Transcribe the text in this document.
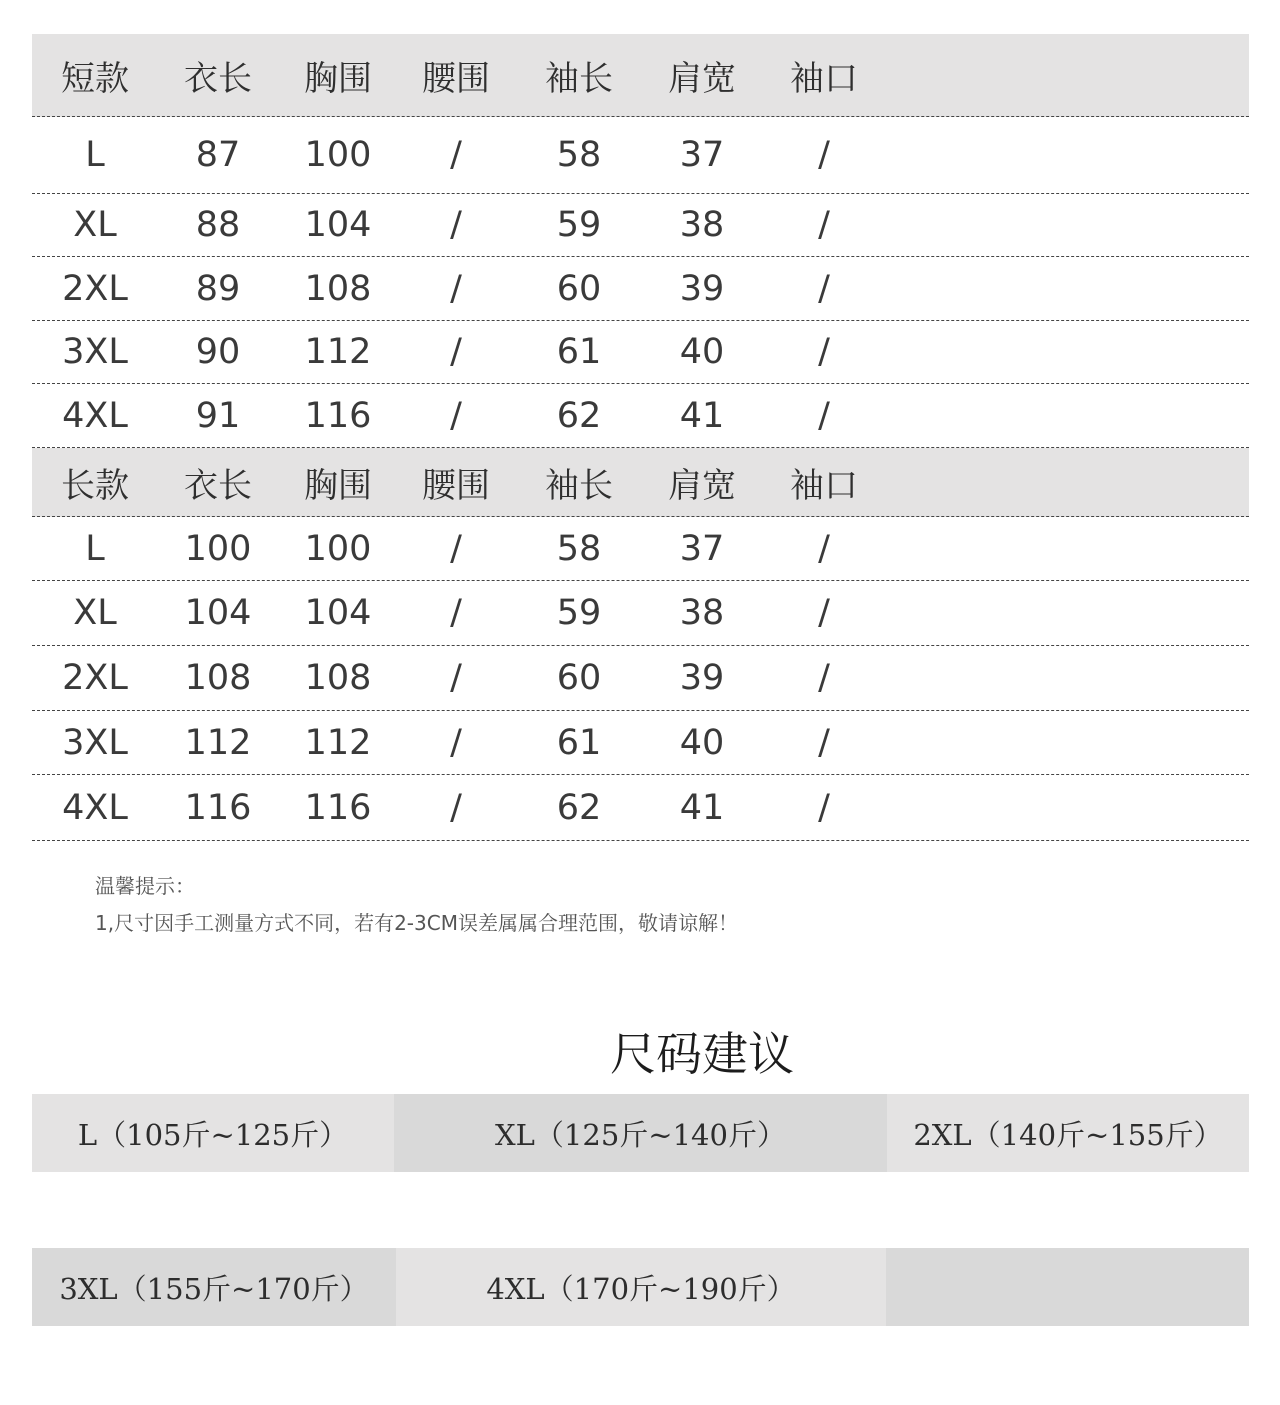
短款	衣长	胸围	腰围	袖长	肩宽	袖口
L	87	100	/	58	37	/
XL	88	104	/	59	38	/
2XL	89	108	/	60	39	/
3XL	90	112	/	61	40	/
4XL	91	116	/	62	41	/
长款	衣长	胸围	腰围	袖长	肩宽	袖口
L	100	100	/	58	37	/
XL	104	104	/	59	38	/
2XL	108	108	/	60	39	/
3XL	112	112	/	61	40	/
4XL	116	116	/	62	41	/
温馨提示：
1,尺寸因手工测量方式不同，若有2-3CM误差属属合理范围，敬请谅解！
尺码建议
L（105斤~125斤）	XL（125斤~140斤）	2XL（140斤~155斤）
3XL（155斤~170斤）	4XL（170斤~190斤）
